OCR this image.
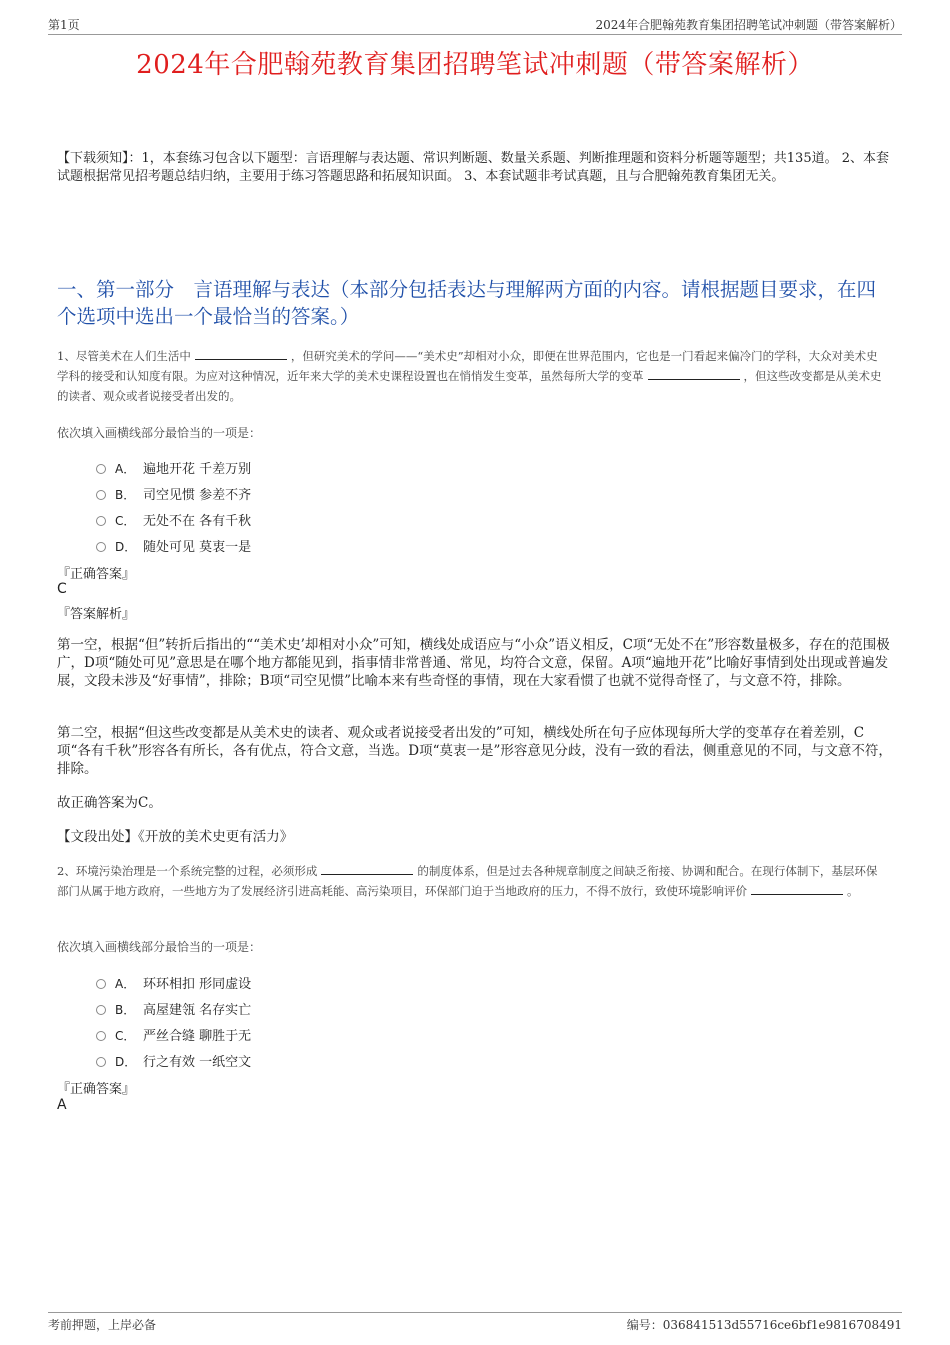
第1页	2024年合肥翰苑教育集团招聘笔试冲刺题（带答案解析）
2024年合肥翰苑教育集团招聘笔试冲刺题（带答案解析）
【下载须知】：1，本套练习包含以下题型：言语理解与表达题、常识判断题、数量关系题、判断推理题和资料分析题等题型；共135道。 2、本套试题根据常见招考题总结归纳，主要用于练习答题思路和拓展知识面。 3、本套试题非考试真题，且与合肥翰苑教育集团无关。
一、第一部分　言语理解与表达（本部分包括表达与理解两方面的内容。请根据题目要求，在四个选项中选出一个最恰当的答案。）
1、尽管美术在人们生活中	，但研究美术的学问——“美术史”却相对小众，即便在世界范围内，它也是一门看起来偏冷门的学科，大众对美术史学科的接受和认知度有限。为应对这种情况，近年来大学的美术史课程设置也在悄悄发生变革，虽然每所大学的变革	，但这些改变都是从美术史的读者、观众或者说接受者出发的。
依次填入画横线部分最恰当的一项是：
A． 遍地开花 千差万别
B． 司空见惯 参差不齐
C． 无处不在 各有千秋
D． 随处可见 莫衷一是
『正确答案』
C
『答案解析』
第一空，根据“但”转折后指出的““美术史’却相对小众”可知，横线处成语应与“小众”语义相反，C项“无处不在”形容数量极多，存在的范围极广，D项“随处可见”意思是在哪个地方都能见到，指事情非常普通、常见，均符合文意，保留。A项“遍地开花”比喻好事情到处出现或普遍发展，文段未涉及“好事情”，排除；B项“司空见惯”比喻本来有些奇怪的事情，现在大家看惯了也就不觉得奇怪了，与文意不符，排除。
第二空，根据“但这些改变都是从美术史的读者、观众或者说接受者出发的”可知，横线处所在句子应体现每所大学的变革存在着差别，C项“各有千秋”形容各有所长，各有优点，符合文意，当选。D项“莫衷一是”形容意见分歧，没有一致的看法，侧重意见的不同，与文意不符，排除。
故正确答案为C。
【文段出处】《开放的美术史更有活力》
2、环境污染治理是一个系统完整的过程，必须形成	的制度体系，但是过去各种规章制度之间缺乏衔接、协调和配合。在现行体制下，基层环保部门从属于地方政府，一些地方为了发展经济引进高耗能、高污染项目，环保部门迫于当地政府的压力，不得不放行，致使环境影响评价	。
依次填入画横线部分最恰当的一项是：
A． 环环相扣 形同虚设
B． 高屋建瓴 名存实亡
C． 严丝合缝 聊胜于无
D． 行之有效 一纸空文
『正确答案』
A
考前押题，上岸必备	编号：036841513d55716ce6bf1e9816708491
